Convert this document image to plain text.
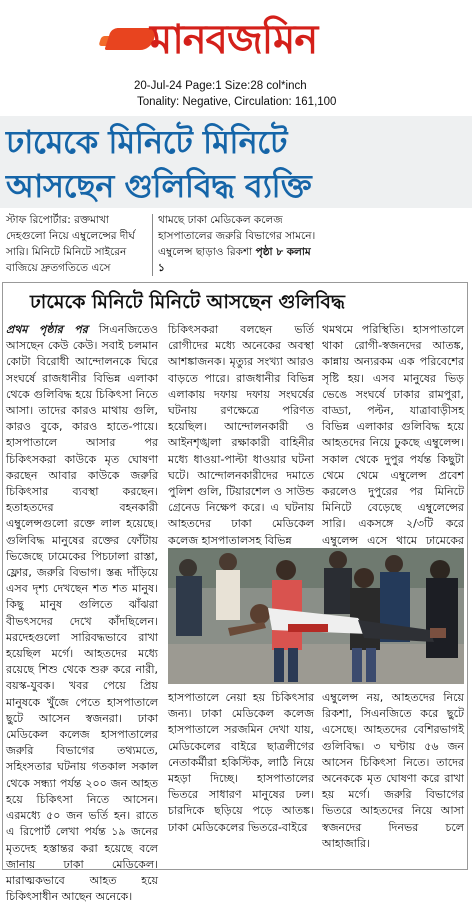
মানবজমিন
20-Jul-24 Page:1 Size:28 col*inch
Tonality: Negative, Circulation: 161,100
ঢামেকে মিনিটে মিনিটে
আসছেন গুলিবিদ্ধ ব্যক্তি
স্টাফ রিপোর্টার: রক্তমাখা দেহগুলো নিয়ে এম্বুলেন্সের দীর্ঘ সারি। মিনিটে মিনিটে সাইরেন বাজিয়ে দ্রুতগতিতে এসে
থামছে ঢাকা মেডিকেল কলেজ হাসপাতালের জরুরি বিভাগের সামনে। এম্বুলেন্স ছাড়াও রিকশা পৃষ্ঠা ৮ কলাম ১
ঢামেকে মিনিটে মিনিটে আসছেন গুলিবিদ্ধ

প্রথম পৃষ্ঠার পর সিএনজিতেও আসছেন কেউ কেউ। সবাই চলমান কোটা বিরোধী আন্দোলনকে ঘিরে সংঘর্ষে রাজধানীর বিভিন্ন এলাকা থেকে গুলিবিদ্ধ হয়ে চিকিৎসা নিতে আসা। তাদের কারও মাথায় গুলি, কারও বুকে, কারও হাতে-পায়ে। হাসপাতালে আসার পর চিকিৎসকরা কাউকে মৃত ঘোষণা করছেন আবার কাউকে জরুরি চিকিৎসার ব্যবস্থা করছেন। হতাহতদের বহনকারী এম্বুলেন্সগুলো রক্তে লাল হয়েছে। গুলিবিদ্ধ মানুষের রক্তের ফোঁটায় ভিজেছে ঢামেকের পিচঢালা রাস্তা, ফ্লোর, জরুরি বিভাগ। স্তব্ধ দাঁড়িয়ে এসব দৃশ্য দেখছেন শত শত মানুষ। কিছু মানুষ গুলিতে ঝাঁঝরা বীভৎসদের দেখে কাঁদছিলেন। মরদেহগুলো সারিবদ্ধভাবে রাখা হয়েছিল মর্গে। আহতদের মধ্যে রয়েছে শিশু থেকে শুরু করে নারী, বয়স্ক-যুবক। খবর পেয়ে প্রিয় মানুষকে খুঁজে পেতে হাসপাতালে ছুটে আসেন স্বজনরা। ঢাকা মেডিকেল কলেজ হাসপাতালের জরুরি বিভাগের তথ্যমতে, সহিংসতার ঘটনায় গতকাল সকাল থেকে সন্ধ্যা পর্যন্ত ২০০ জন আহত হয়ে চিকিৎসা নিতে আসেন। এরমধ্যে ৫০ জন ভর্তি হন। রাতে এ রিপোর্ট লেখা পর্যন্ত ১৯ জনের মৃতদেহ হস্তান্তর করা হয়েছে বলে জানায় ঢাকা মেডিকেল। মারাত্মকভাবে আহত হয়ে চিকিৎসাধীন আছেন অনেকে।

চিকিৎসকরা বলছেন ভর্তি রোগীদের মধ্যে অনেকের অবস্থা আশঙ্কাজনক। মৃত্যুর সংখ্যা আরও বাড়তে পারে। রাজধানীর বিভিন্ন এলাকায় দফায় দফায় সংঘর্ষের ঘটনায় রণক্ষেত্রে পরিণত হয়েছিল। আন্দোলনকারী ও আইনশৃঙ্খলা রক্ষাকারী বাহিনীর মধ্যে ধাওয়া-পাল্টা ধাওয়ার ঘটনা ঘটে। আন্দোলনকারীদের দমাতে পুলিশ গুলি, টিয়ারশেল ও সাউন্ড গ্রেনেড নিক্ষেপ করে। এ ঘটনায় আহতদের ঢাকা মেডিকেল কলেজ হাসপাতালসহ বিভিন্ন

থমথমে পরিস্থিতি। হাসপাতালে থাকা রোগী-স্বজনদের আতঙ্ক, কান্নায় অন্যরকম এক পরিবেশের সৃষ্টি হয়। এসব মানুষের ভিড় ভেঙে সংঘর্ষে ঢাকার রামপুরা, বাড্ডা, পল্টন, যাত্রাবাড়ীসহ বিভিন্ন এলাকার গুলিবিদ্ধ হয়ে আহতদের নিয়ে ঢুকছে এম্বুলেন্স। সকাল থেকে দুপুর পর্যন্ত কিছুটা থেমে থেমে এম্বুলেন্স প্রবেশ করলেও দুপুরের পর মিনিটে মিনিটে বেড়েছে এম্বুলেন্সের সারি। একসঙ্গে ২/৩টি করে এম্বুলেন্স এসে থামে ঢামেকের

হাসপাতালে নেয়া হয় চিকিৎসার জন্য। ঢাকা মেডিকেল কলেজ হাসপাতালে সরজমিন দেখা যায়, মেডিকেলের বাইরে ছাত্রলীগের নেতাকর্মীরা হকিস্টিক, লাঠি নিয়ে মহড়া দিচ্ছে। হাসপাতালের ভিতরে সাধারণ মানুষের ঢল। চারদিকে ছড়িয়ে পড়ে আতঙ্ক। ঢাকা মেডিকেলের ভিতরে-বাইরে

এম্বুলেন্স নয়, আহতদের নিয়ে রিকশা, সিএনজিতে করে ছুটে এসেছে। আহতদের বেশিরভাগই গুলিবিদ্ধ। ৩ ঘণ্টায় ৫৬ জন আসেন চিকিৎসা নিতে। তাদের অনেককে মৃত ঘোষণা করে রাখা হয় মর্গে। জরুরি বিভাগের ভিতরে আহতদের নিয়ে আসা স্বজনদের দিনভর চলে আহাজারি।
